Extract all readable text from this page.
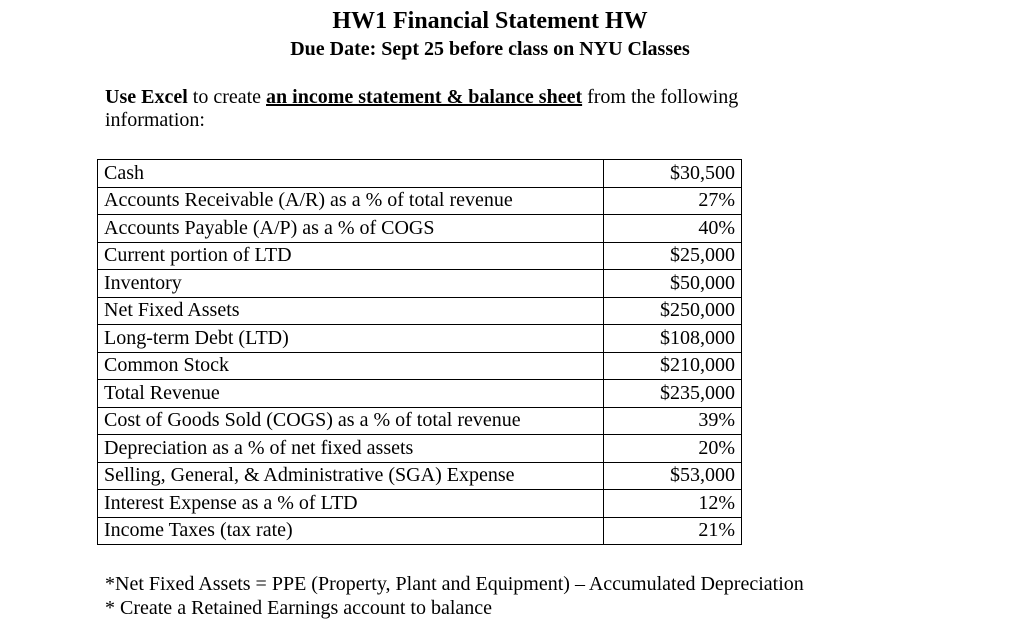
HW1 Financial Statement HW
Due Date: Sept 25 before class on NYU Classes
Use Excel to create an income statement & balance sheet from the following information:
Cash	$30,500
Accounts Receivable (A/R) as a % of total revenue	27%
Accounts Payable (A/P) as a % of COGS	40%
Current portion of LTD	$25,000
Inventory	$50,000
Net Fixed Assets	$250,000
Long-term Debt (LTD)	$108,000
Common Stock	$210,000
Total Revenue	$235,000
Cost of Goods Sold (COGS) as a % of total revenue	39%
Depreciation as a % of net fixed assets	20%
Selling, General, & Administrative (SGA) Expense	$53,000
Interest Expense as a % of LTD	12%
Income Taxes (tax rate)	21%
*Net Fixed Assets = PPE (Property, Plant and Equipment) – Accumulated Depreciation
* Create a Retained Earnings account to balance
